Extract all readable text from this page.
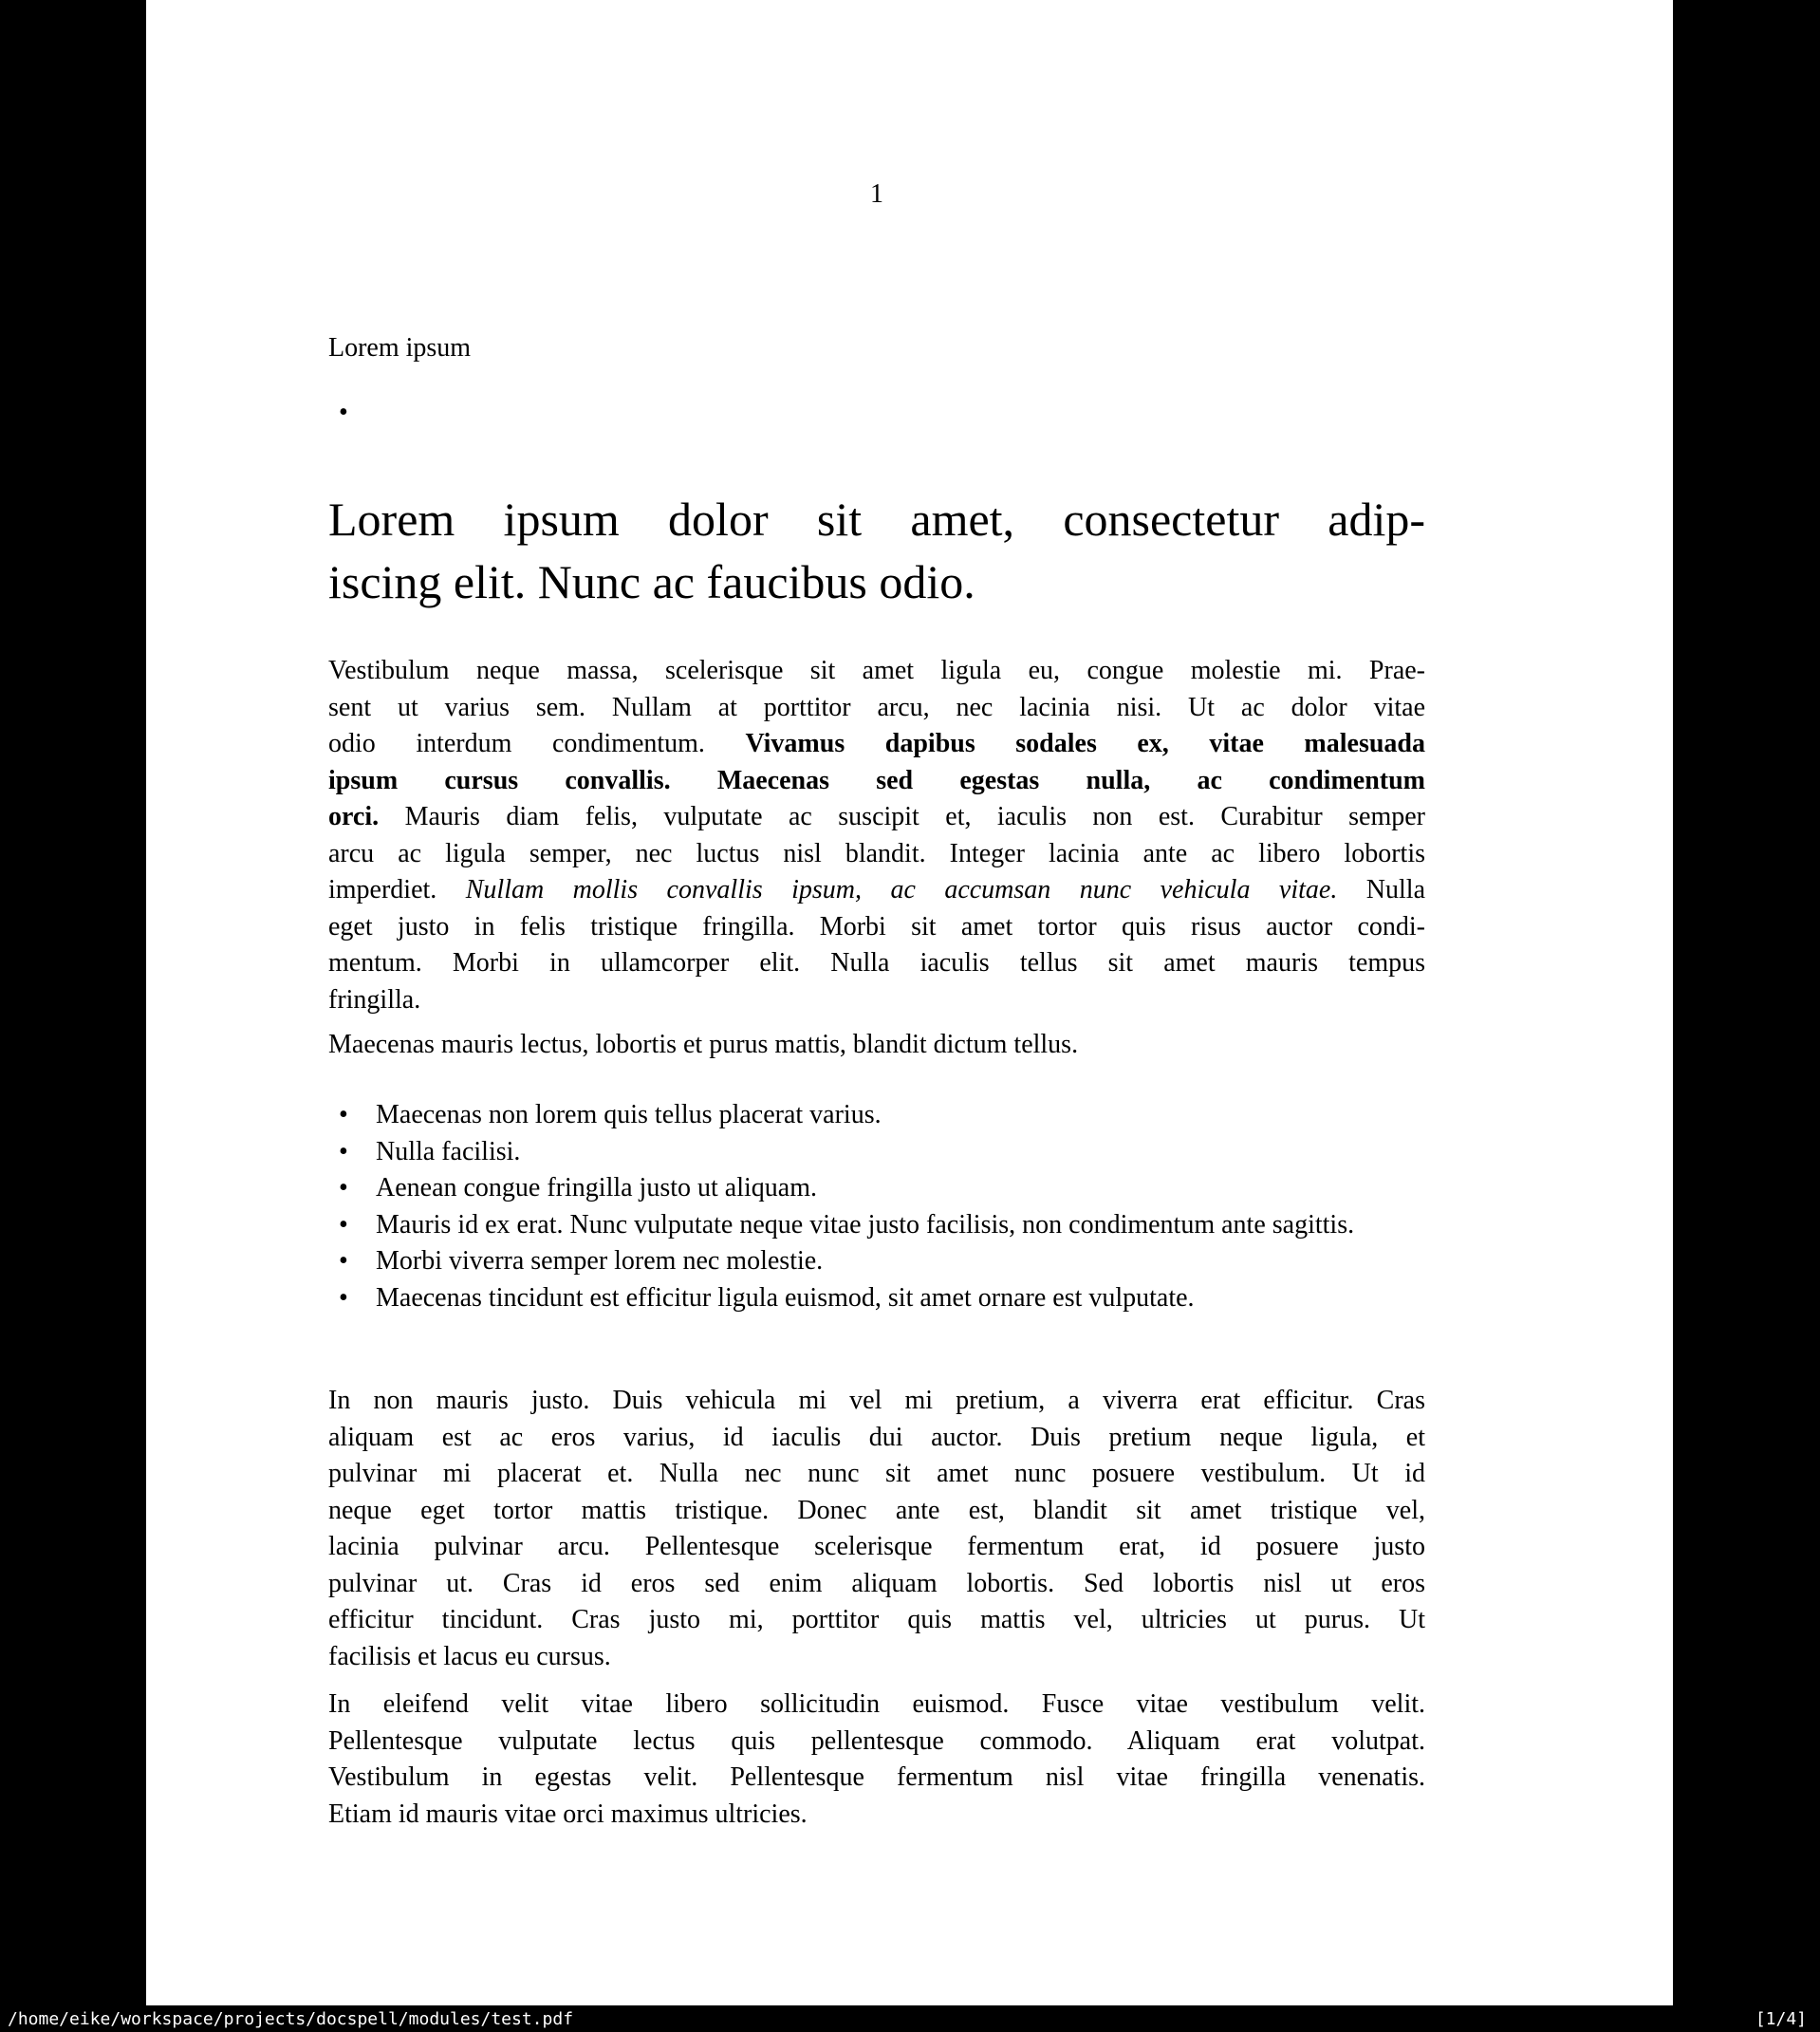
1
Lorem ipsum
•
Lorem ipsum dolor sit amet, consectetur adip-
iscing elit. Nunc ac faucibus odio.
Vestibulum neque massa, scelerisque sit amet ligula eu, congue molestie mi. Prae-
sent ut varius sem. Nullam at porttitor arcu, nec lacinia nisi. Ut ac dolor vitae
odio interdum condimentum. Vivamus dapibus sodales ex, vitae malesuada
ipsum cursus convallis. Maecenas sed egestas nulla, ac condimentum
orci. Mauris diam felis, vulputate ac suscipit et, iaculis non est. Curabitur semper
arcu ac ligula semper, nec luctus nisl blandit. Integer lacinia ante ac libero lobortis
imperdiet. Nullam mollis convallis ipsum, ac accumsan nunc vehicula vitae. Nulla
eget justo in felis tristique fringilla. Morbi sit amet tortor quis risus auctor condi-
mentum. Morbi in ullamcorper elit. Nulla iaculis tellus sit amet mauris tempus
fringilla.
Maecenas mauris lectus, lobortis et purus mattis, blandit dictum tellus.
• Maecenas non lorem quis tellus placerat varius.
• Nulla facilisi.
• Aenean congue fringilla justo ut aliquam.
• Mauris id ex erat. Nunc vulputate neque vitae justo facilisis, non condimentum ante sagittis.
• Morbi viverra semper lorem nec molestie.
• Maecenas tincidunt est efficitur ligula euismod, sit amet ornare est vulputate.
In non mauris justo. Duis vehicula mi vel mi pretium, a viverra erat efficitur. Cras
aliquam est ac eros varius, id iaculis dui auctor. Duis pretium neque ligula, et
pulvinar mi placerat et. Nulla nec nunc sit amet nunc posuere vestibulum. Ut id
neque eget tortor mattis tristique. Donec ante est, blandit sit amet tristique vel,
lacinia pulvinar arcu. Pellentesque scelerisque fermentum erat, id posuere justo
pulvinar ut. Cras id eros sed enim aliquam lobortis. Sed lobortis nisl ut eros
efficitur tincidunt. Cras justo mi, porttitor quis mattis vel, ultricies ut purus. Ut
facilisis et lacus eu cursus.
In eleifend velit vitae libero sollicitudin euismod. Fusce vitae vestibulum velit.
Pellentesque vulputate lectus quis pellentesque commodo. Aliquam erat volutpat.
Vestibulum in egestas velit. Pellentesque fermentum nisl vitae fringilla venenatis.
Etiam id mauris vitae orci maximus ultricies.
/home/eike/workspace/projects/docspell/modules/test.pdf	[1/4]
